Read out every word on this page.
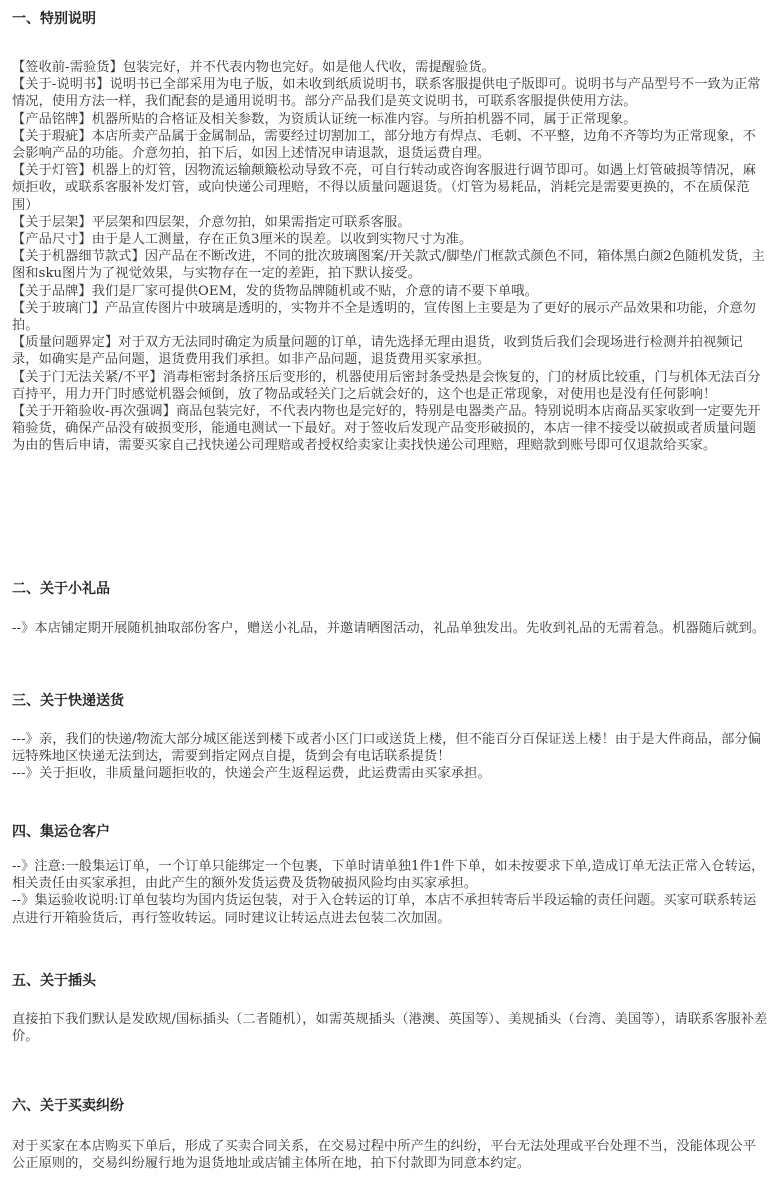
一、特别说明

【签收前-需验货】包装完好，并不代表内物也完好。如是他人代收，需提醒验货。

【关于-说明书】说明书已全部采用为电子版，如未收到纸质说明书，联系客服提供电子版即可。说明书与产品型号不一致为正常情况，使用方法一样，我们配套的是通用说明书。部分产品我们是英文说明书，可联系客服提供使用方法。

【产品铭牌】机器所贴的合格证及相关参数，为资质认证统一标准内容。与所拍机器不同，属于正常现象。

【关于瑕疵】本店所卖产品属于金属制品，需要经过切割加工，部分地方有焊点、毛刺、不平整，边角不齐等均为正常现象，不会影响产品的功能。介意勿拍，拍下后，如因上述情况申请退款，退货运费自理。

【关于灯管】机器上的灯管，因物流运输颠簸松动导致不亮，可自行转动或咨询客服进行调节即可。如遇上灯管破损等情况，麻烦拒收，或联系客服补发灯管，或向快递公司理赔，不得以质量问题退货。（灯管为易耗品，消耗完是需要更换的，不在质保范围）

【关于层架】平层架和四层架，介意勿拍，如果需指定可联系客服。

【产品尺寸】由于是人工测量，存在正负3厘米的误差。以收到实物尺寸为准。

【关于机器细节款式】因产品在不断改进，不同的批次玻璃图案/开关款式/脚垫/门框款式颜色不同，箱体黑白颜2色随机发货，主图和sku图片为了视觉效果，与实物存在一定的差距，拍下默认接受。

【关于品牌】我们是厂家可提供OEM，发的货物品牌随机或不贴，介意的请不要下单哦。

【关于玻璃门】产品宣传图片中玻璃是透明的，实物并不全是透明的，宣传图上主要是为了更好的展示产品效果和功能，介意勿拍。

【质量问题界定】对于双方无法同时确定为质量问题的订单，请先选择无理由退货，收到货后我们会现场进行检测并拍视频记录，如确实是产品问题，退货费用我们承担。如非产品问题，退货费用买家承担。

【关于门无法关紧/不平】消毒柜密封条挤压后变形的，机器使用后密封条受热是会恢复的，门的材质比较重，门与机体无法百分百持平，用力开门时感觉机器会倾倒，放了物品或轻关门之后就会好的，这个也是正常现象，对使用也是没有任何影响！

【关于开箱验收-再次强调】商品包装完好，不代表内物也是完好的，特别是电器类产品。特别说明本店商品买家收到一定要先开箱验货，确保产品没有破损变形，能通电测试一下最好。对于签收后发现产品变形破损的，本店一律不接受以破损或者质量问题为由的售后申请，需要买家自己找快递公司理赔或者授权给卖家让卖找快递公司理赔，理赔款到账号即可仅退款给买家。

二、关于小礼品

--》本店铺定期开展随机抽取部份客户，赠送小礼品，并邀请晒图活动，礼品单独发出。先收到礼品的无需着急。机器随后就到。

三、关于快递送货

---》亲，我们的快递/物流大部分城区能送到楼下或者小区门口或送货上楼，但不能百分百保证送上楼！由于是大件商品，部分偏远特殊地区快递无法到达，需要到指定网点自提，货到会有电话联系提货！

---》关于拒收，非质量问题拒收的，快递会产生返程运费，此运费需由买家承担。

四、集运仓客户

--》注意:一般集运订单，一个订单只能绑定一个包裹，下单时请单独1件1件下单，如未按要求下单,造成订单无法正常入仓转运，相关责任由买家承担，由此产生的额外发货运费及货物破损风险均由买家承担。

--》集运验收说明:订单包装均为国内货运包装，对于入仓转运的订单，本店不承担转寄后半段运输的责任问题。买家可联系转运点进行开箱验货后，再行签收转运。同时建议让转运点进去包装二次加固。

五、关于插头

直接拍下我们默认是发欧规/国标插头（二者随机），如需英规插头（港澳、英国等）、美规插头（台湾、美国等），请联系客服补差价。

六、关于买卖纠纷

对于买家在本店购买下单后，形成了买卖合同关系，在交易过程中所产生的纠纷，平台无法处理或平台处理不当，没能体现公平公正原则的，交易纠纷履行地为退货地址或店铺主体所在地，拍下付款即为同意本约定。
